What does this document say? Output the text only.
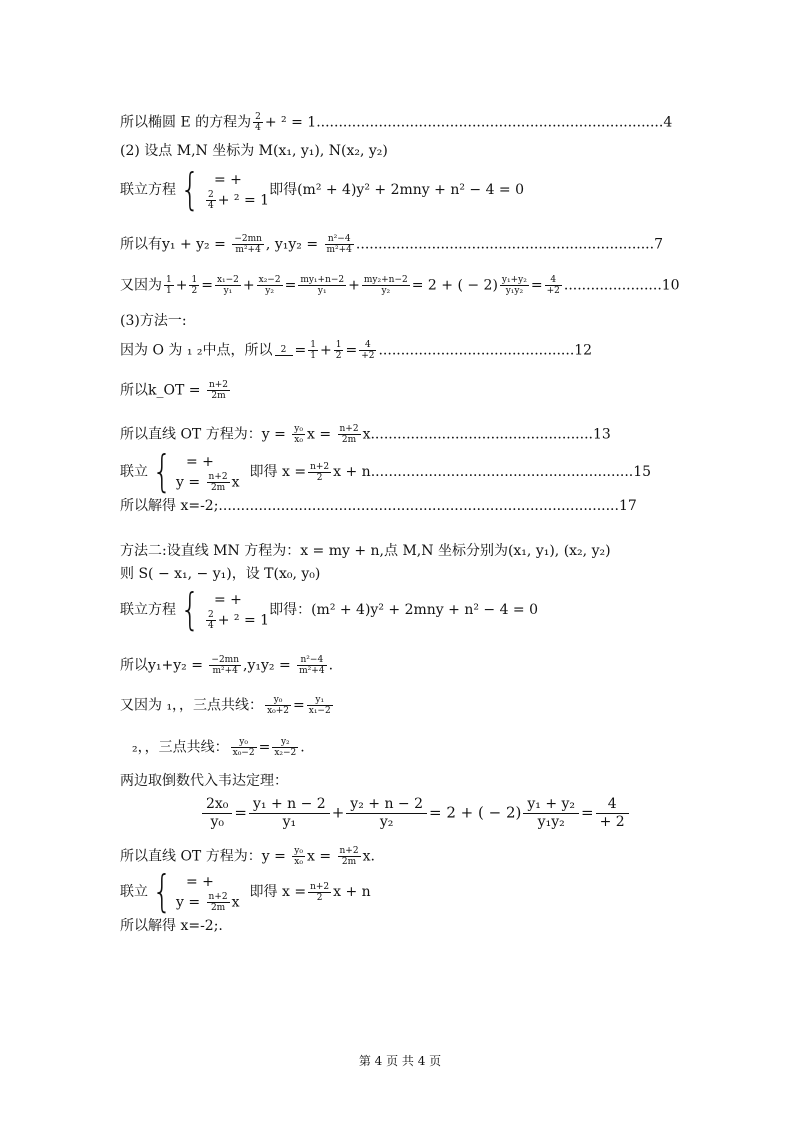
所以椭圆 E 的方程为 $\frac{2}{4} + ^2 = 1..............................................................................4$
(2) 设点 M,N 坐标为 M(x₁, y₁), N(x₂, y₂)
联立方程 {	= +
$\frac{2}{4} + ^2 = 1$
即得(m² + 4)y² + 2mny + n² − 4 = 0
所以有$y_1 + y_2 = \frac{-2mn}{\text{m²+4}}$ , $y_1y_2 = \frac{\text{n²−4}}{\text{m²+4}} ...................................................................7$
又因为 $\frac{1}{1} + \frac{1}{2} = \frac{\text{x₁−2}}{\text{y₁}} + \frac{\text{x₂−2}}{\text{y₂}} = \frac{\text{my₁+n−2}}{\text{y₁}} + \frac{\text{my₂+n−2}}{\text{y₂}} = 2$ + ( − $2) \frac{\text{y₁+y₂}}{\text{y₁y₂}} = \frac{4}{+2} ......................10$
(3)方法一:
因为 O 为 ₁ ₂中点，所以 $2 = \frac{1}{1} + \frac{1}{2} = \frac{4}{+2} ............................................12$
所以k_OT = $\frac{n+2}{2m}$
所以直线 OT 方程为：$y = \frac{\text{y₀}}{\text{x₀}}$ $x = \frac{n+2}{2m} x..................................................13$
联立 {	= +
$y = \frac{n+2}{2m}$ x
即得 $x = \frac{n+2}{2}$ x + n ...........................................................15
所以解得 x=-2;..........................................................................................17
方法二:设直线 MN 方程为：x = my + n,点 M,N 坐标分别为(x₁, y₁), (x₂, y₂)
则 S( − x₁, − y₁)，设 T(x₀, y₀)
联立方程 {	= +
$\frac{2}{4} + ^2 = 1$
即得：(m² + 4)y² + 2mny + n² − 4 = 0
所以$y_1+y_2 = \frac{-2mn}{\text{m²+4}} ,y_1y_2 = \frac{\text{n²−4}}{\text{m²+4}}$ .
又因为 ₁，，三点共线： $\frac{\text{y₀}}{\text{x₀+2}} = \frac{\text{y₁}}{\text{x₁−2}}$
₂，，三点共线： $\frac{\text{y₀}}{\text{x₀−2}} = \frac{\text{y₂}}{\text{x₂−2}}$ .
两边取倒数代入韦达定理：
$\frac{\text{2x₀}}{\text{y₀}} = \frac{\text{y₁ + n − 2}}{\text{y₁}} + \frac{\text{y₂ + n − 2}}{\text{y₂}} = 2$ + ( − $2) \frac{\text{y₁ + y₂}}{\text{y₁y₂}} = \frac{4}{+ 2}$
所以直线 OT 方程为：$y = \frac{\text{y₀}}{\text{x₀}}$ $x = \frac{n+2}{2m} x$.
联立 {	= +
$y = \frac{n+2}{2m}$ x
即得 $x = \frac{n+2}{2}$ x + n
所以解得 x=-2;.
第 4 页 共 4 页
